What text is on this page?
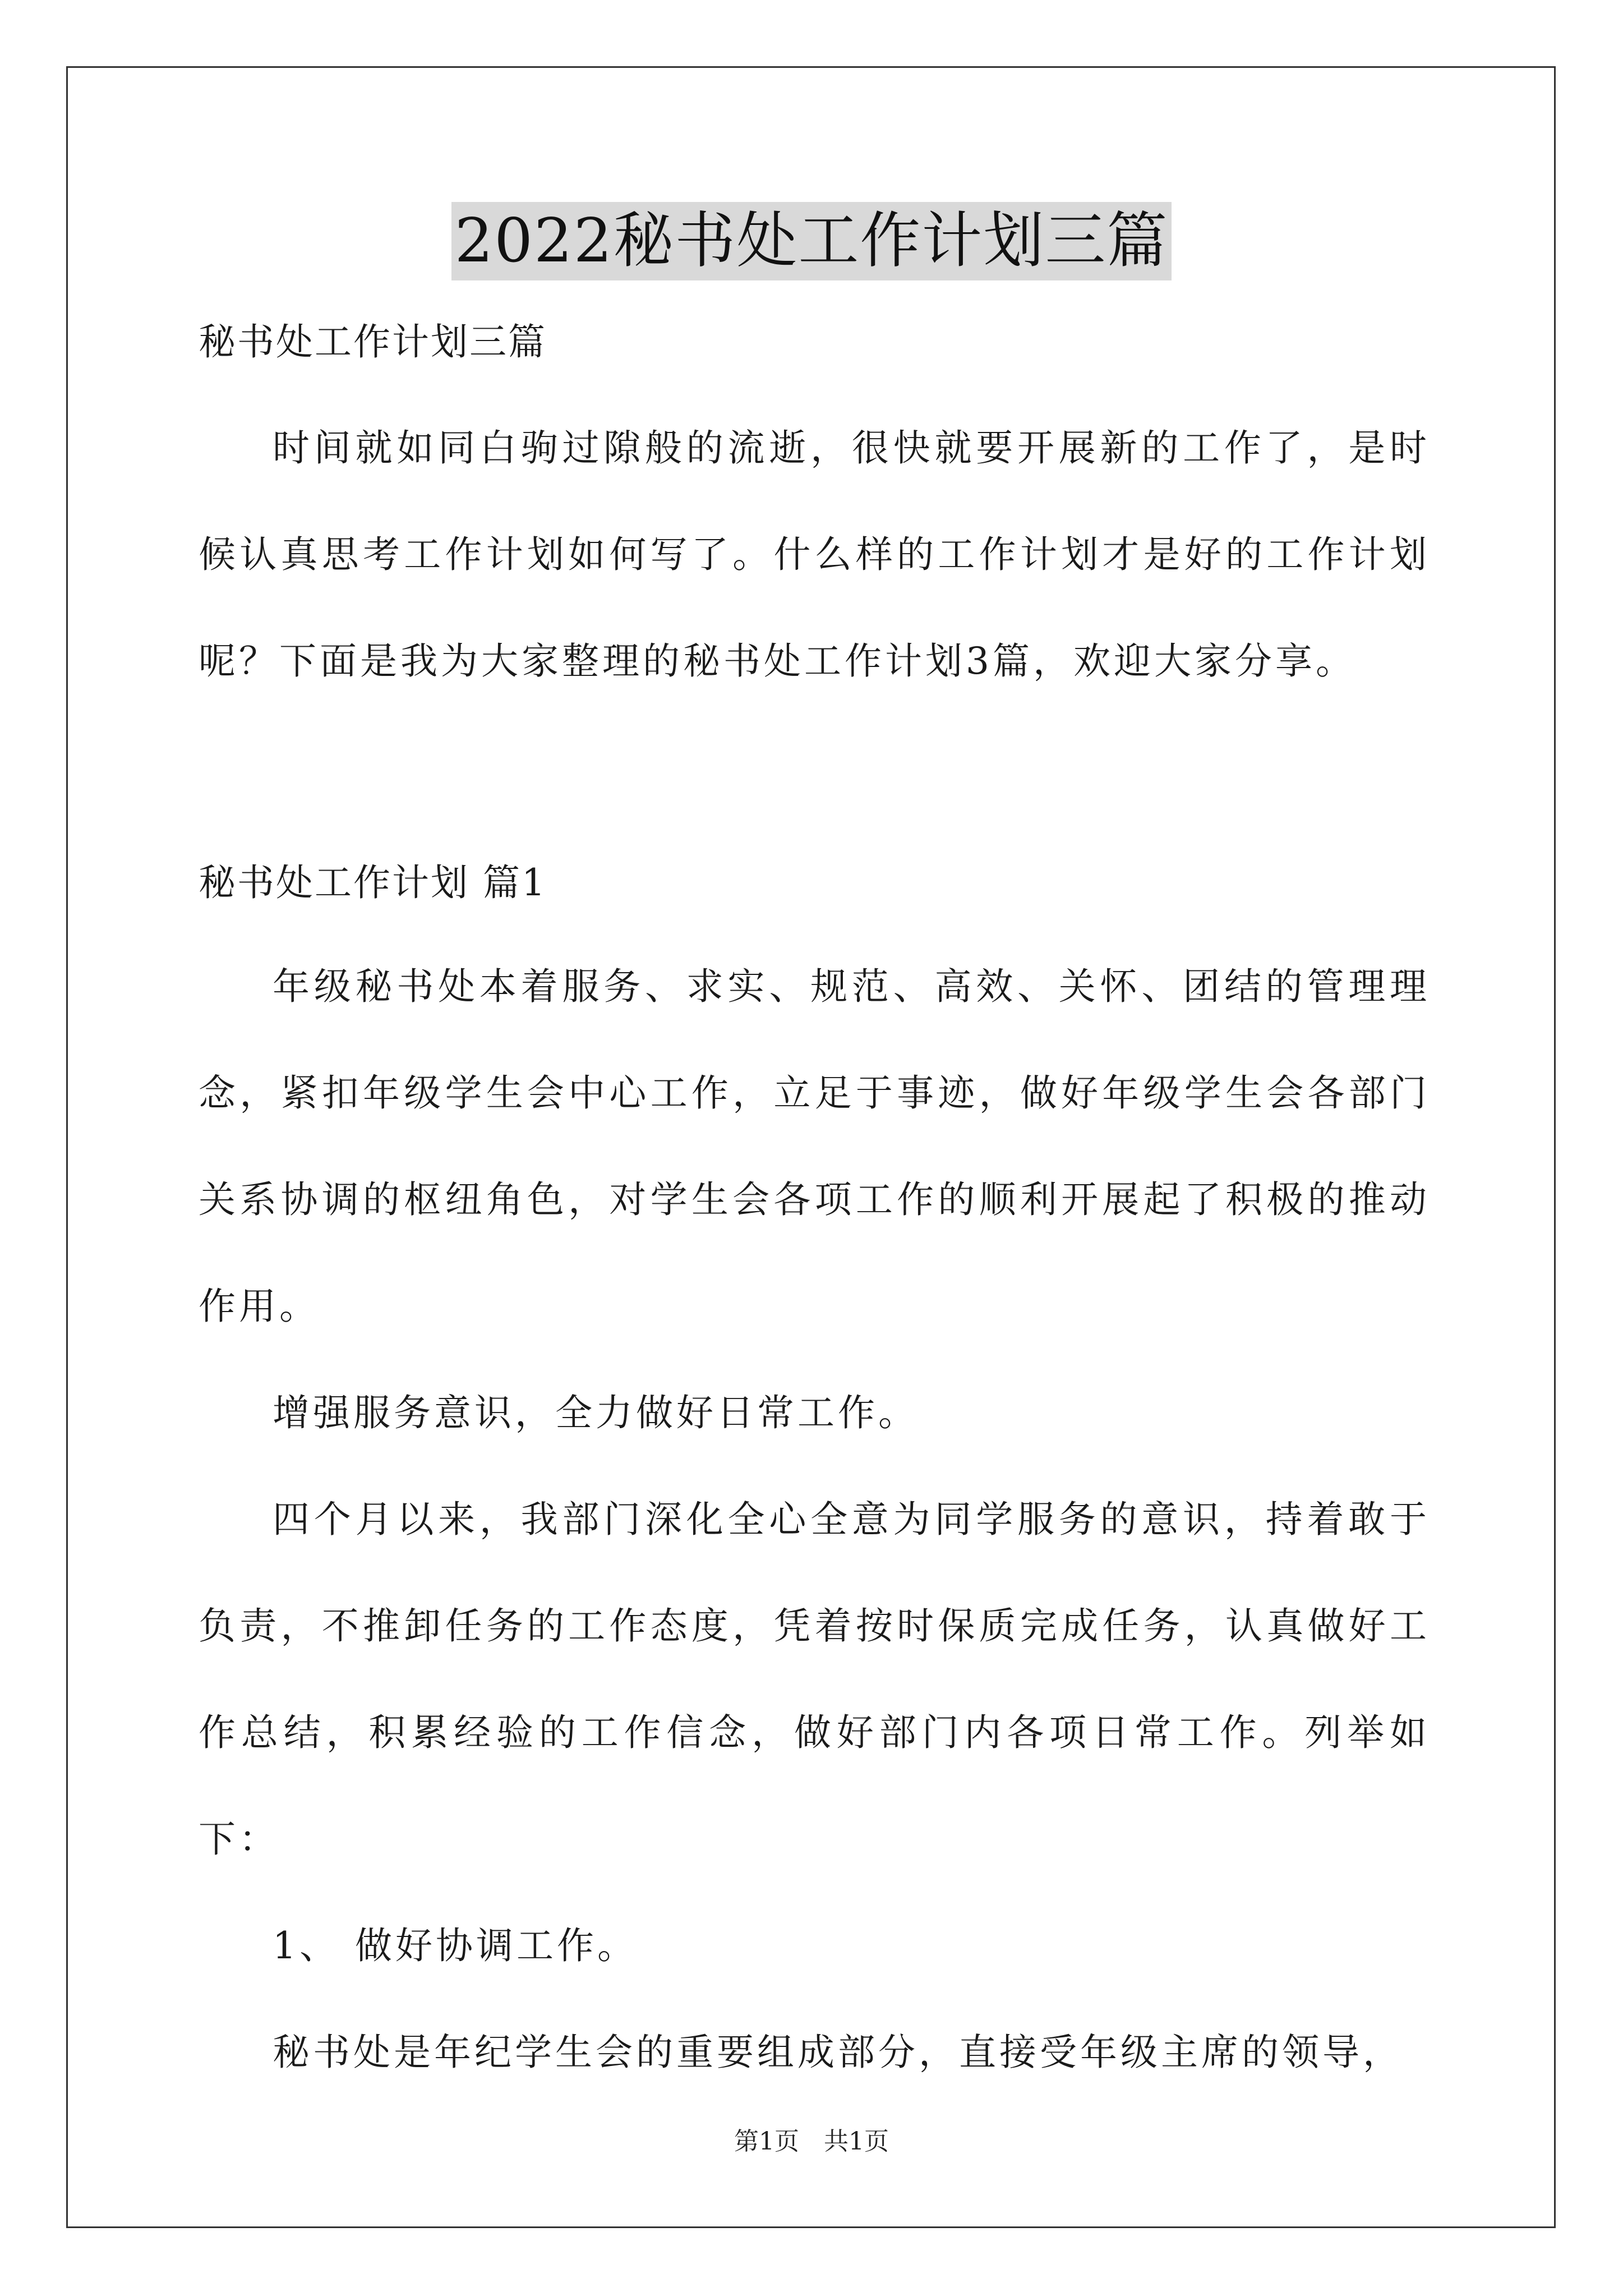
2022秘书处工作计划三篇
秘书处工作计划三篇

时间就如同白驹过隙般的流逝，很快就要开展新的工作了，是时候认真思考工作计划如何写了。什么样的工作计划才是好的工作计划呢？下面是我为大家整理的秘书处工作计划3篇，欢迎大家分享。

秘书处工作计划 篇1

年级秘书处本着服务、求实、规范、高效、关怀、团结的管理理念，紧扣年级学生会中心工作，立足于事迹，做好年级学生会各部门关系协调的枢纽角色，对学生会各项工作的顺利开展起了积极的推动作用。

增强服务意识，全力做好日常工作。

四个月以来，我部门深化全心全意为同学服务的意识，持着敢于负责，不推卸任务的工作态度，凭着按时保质完成任务，认真做好工作总结，积累经验的工作信念，做好部门内各项日常工作。列举如下：

1、 做好协调工作。

秘书处是年纪学生会的重要组成部分，直接受年级主席的领导，

第1页 共1页
